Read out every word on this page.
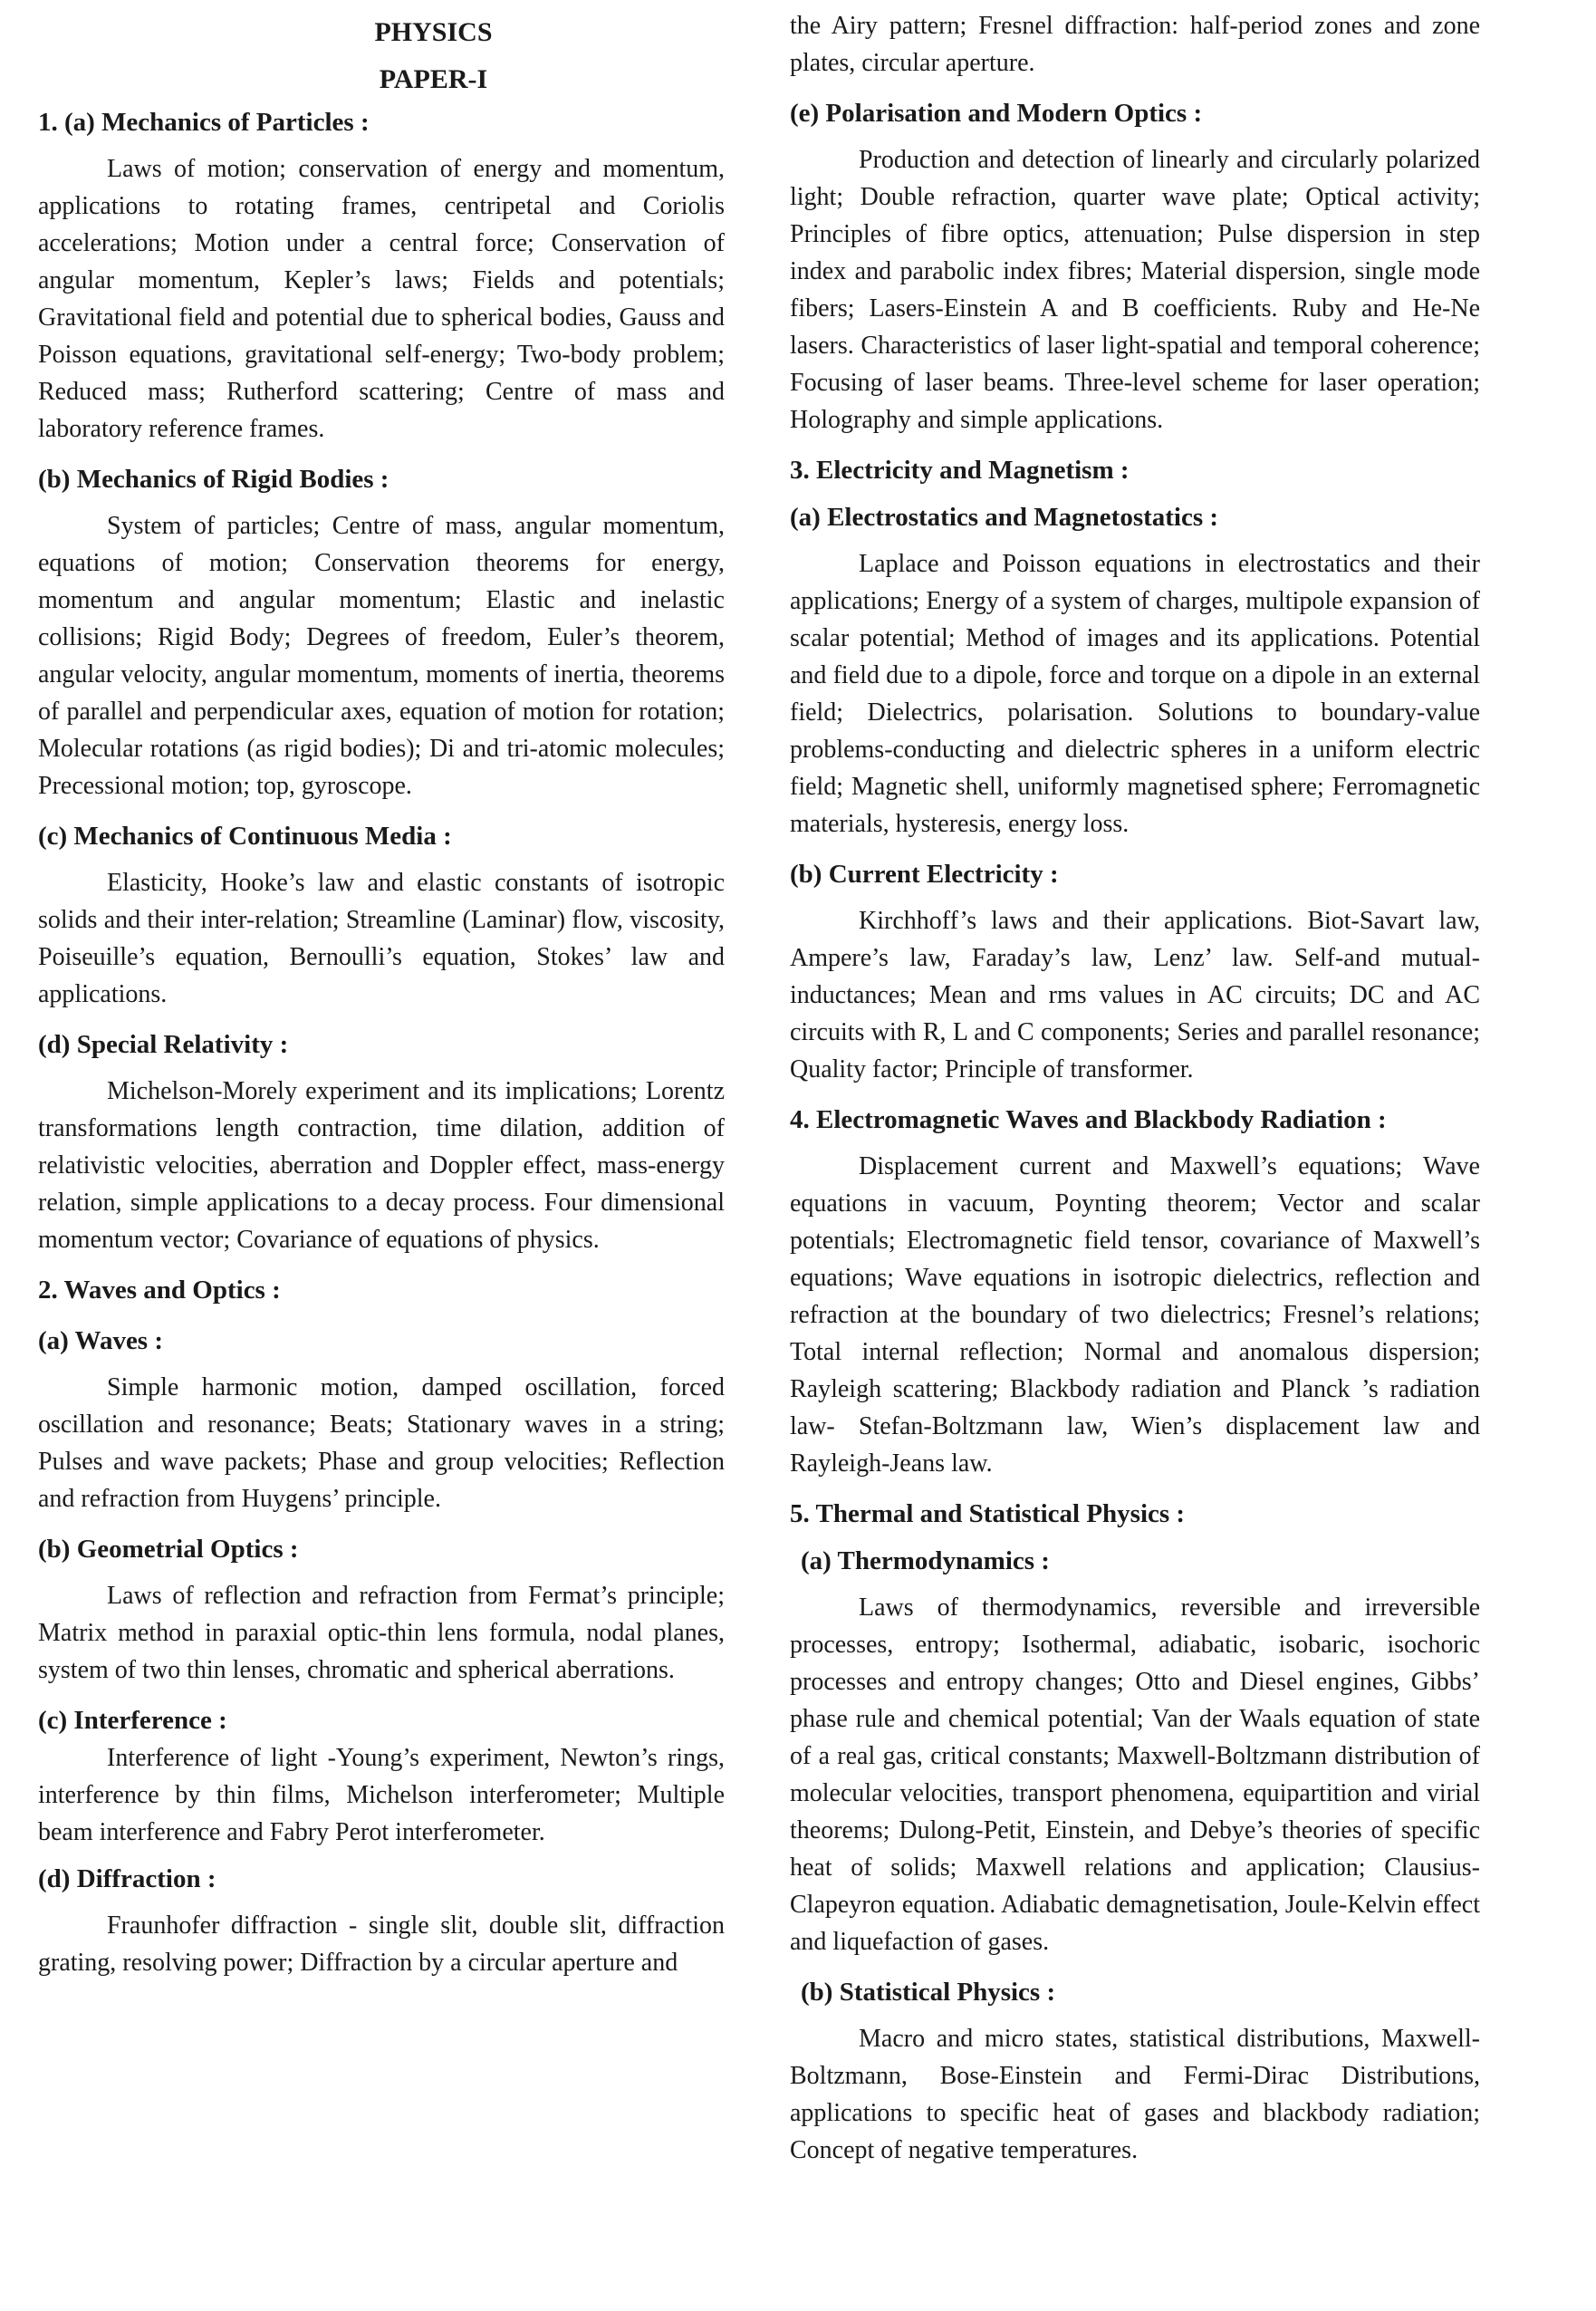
PHYSICS

PAPER-I

1. (a) Mechanics of Particles :

Laws of motion; conservation of energy and momentum, applications to rotating frames, centripetal and Coriolis accelerations; Motion under a central force; Conservation of angular momentum, Kepler’s laws; Fields and potentials; Gravitational field and potential due to spherical bodies, Gauss and Poisson equations, gravitational self-energy; Two-body problem; Reduced mass; Rutherford scattering; Centre of mass and laboratory reference frames.

(b) Mechanics of Rigid Bodies :

System of particles; Centre of mass, angular momentum, equations of motion; Conservation theorems for energy, momentum and angular momentum; Elastic and inelastic collisions; Rigid Body; Degrees of freedom, Euler’s theorem, angular velocity, angular momentum, moments of inertia, theorems of parallel and perpendicular axes, equation of motion for rotation; Molecular rotations (as rigid bodies); Di and tri-atomic molecules; Precessional motion; top, gyroscope.

(c) Mechanics of Continuous Media :

Elasticity, Hooke’s law and elastic constants of isotropic solids and their inter-relation; Streamline (Laminar) flow, viscosity, Poiseuille’s equation, Bernoulli’s equation, Stokes’ law and applications.

(d) Special Relativity :

Michelson-Morely experiment and its implications; Lorentz transformations length contraction, time dilation, addition of relativistic velocities, aberration and Doppler effect, mass-energy relation, simple applications to a decay process. Four dimensional momentum vector; Covariance of equations of physics.

2. Waves and Optics :

(a) Waves :

Simple harmonic motion, damped oscillation, forced oscillation and resonance; Beats; Stationary waves in a string; Pulses and wave packets; Phase and group velocities; Reflection and refraction from Huygens’ principle.

(b) Geometrial Optics :

Laws of reflection and refraction from Fermat’s principle; Matrix method in paraxial optic-thin lens formula, nodal planes, system of two thin lenses, chromatic and spherical aberrations.

(c) Interference :

Interference of light -Young’s experiment, Newton’s rings, interference by thin films, Michelson interferometer; Multiple beam interference and Fabry Perot interferometer.

(d) Diffraction :

Fraunhofer diffraction - single slit, double slit, diffraction grating, resolving power; Diffraction by a circular aperture and

the Airy pattern; Fresnel diffraction: half-period zones and zone plates, circular aperture.

(e) Polarisation and Modern Optics :

Production and detection of linearly and circularly polarized light; Double refraction, quarter wave plate; Optical activity; Principles of fibre optics, attenuation; Pulse dispersion in step index and parabolic index fibres; Material dispersion, single mode fibers; Lasers-Einstein A and B coefficients. Ruby and He-Ne lasers. Characteristics of laser light-spatial and temporal coherence; Focusing of laser beams. Three-level scheme for laser operation; Holography and simple applications.

3. Electricity and Magnetism :

(a) Electrostatics and Magnetostatics :

Laplace and Poisson equations in electrostatics and their applications; Energy of a system of charges, multipole expansion of scalar potential; Method of images and its applications. Potential and field due to a dipole, force and torque on a dipole in an external field; Dielectrics, polarisation. Solutions to boundary-value problems-conducting and dielectric spheres in a uniform electric field; Magnetic shell, uniformly magnetised sphere; Ferromagnetic materials, hysteresis, energy loss.

(b) Current Electricity :

Kirchhoff’s laws and their applications. Biot-Savart law, Ampere’s law, Faraday’s law, Lenz’ law. Self-and mutual-inductances; Mean and rms values in AC circuits; DC and AC circuits with R, L and C components; Series and parallel resonance; Quality factor; Principle of transformer.

4. Electromagnetic Waves and Blackbody Radiation :

Displacement current and Maxwell’s equations; Wave equations in vacuum, Poynting theorem; Vector and scalar potentials; Electromagnetic field tensor, covariance of Maxwell’s equations; Wave equations in isotropic dielectrics, reflection and refraction at the boundary of two dielectrics; Fresnel’s relations; Total internal reflection; Normal and anomalous dispersion; Rayleigh scattering; Blackbody radiation and Planck ’s radiation law- Stefan-Boltzmann law, Wien’s displacement law and Rayleigh-Jeans law.

5. Thermal and Statistical Physics :

(a) Thermodynamics :

Laws of thermodynamics, reversible and irreversible processes, entropy; Isothermal, adiabatic, isobaric, isochoric processes and entropy changes; Otto and Diesel engines, Gibbs’ phase rule and chemical potential; Van der Waals equation of state of a real gas, critical constants; Maxwell-Boltzmann distribution of molecular velocities, transport phenomena, equipartition and virial theorems; Dulong-Petit, Einstein, and Debye’s theories of specific heat of solids; Maxwell relations and application; Clausius-Clapeyron equation. Adiabatic demagnetisation, Joule-Kelvin effect and liquefaction of gases.

(b) Statistical Physics :

Macro and micro states, statistical distributions, Maxwell-Boltzmann, Bose-Einstein and Fermi-Dirac Distributions, applications to specific heat of gases and blackbody radiation; Concept of negative temperatures.
